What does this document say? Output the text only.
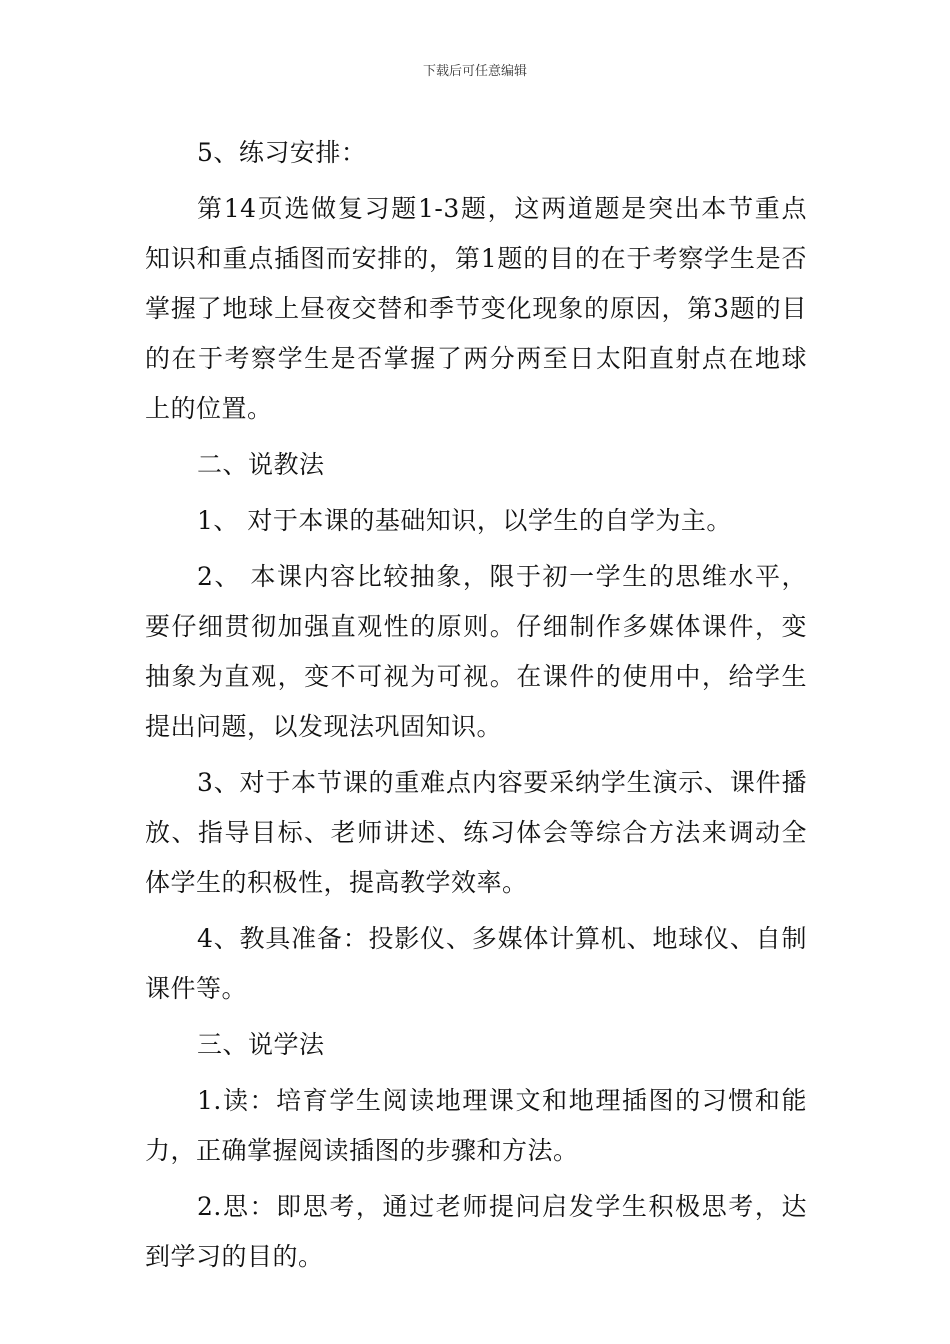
下载后可任意编辑

5、练习安排：

第14页选做复习题1-3题，这两道题是突出本节重点知识和重点插图而安排的，第1题的目的在于考察学生是否掌握了地球上昼夜交替和季节变化现象的原因，第3题的目的在于考察学生是否掌握了两分两至日太阳直射点在地球上的位置。

二、说教法

1、 对于本课的基础知识，以学生的自学为主。

2、 本课内容比较抽象，限于初一学生的思维水平，要仔细贯彻加强直观性的原则。仔细制作多媒体课件，变抽象为直观，变不可视为可视。在课件的使用中，给学生提出问题，以发现法巩固知识。

3、对于本节课的重难点内容要采纳学生演示、课件播放、指导目标、老师讲述、练习体会等综合方法来调动全体学生的积极性，提高教学效率。

4、教具准备：投影仪、多媒体计算机、地球仪、自制课件等。

三、说学法

1.读：培育学生阅读地理课文和地理插图的习惯和能力，正确掌握阅读插图的步骤和方法。

2.思：即思考，通过老师提问启发学生积极思考，达到学习的目的。
